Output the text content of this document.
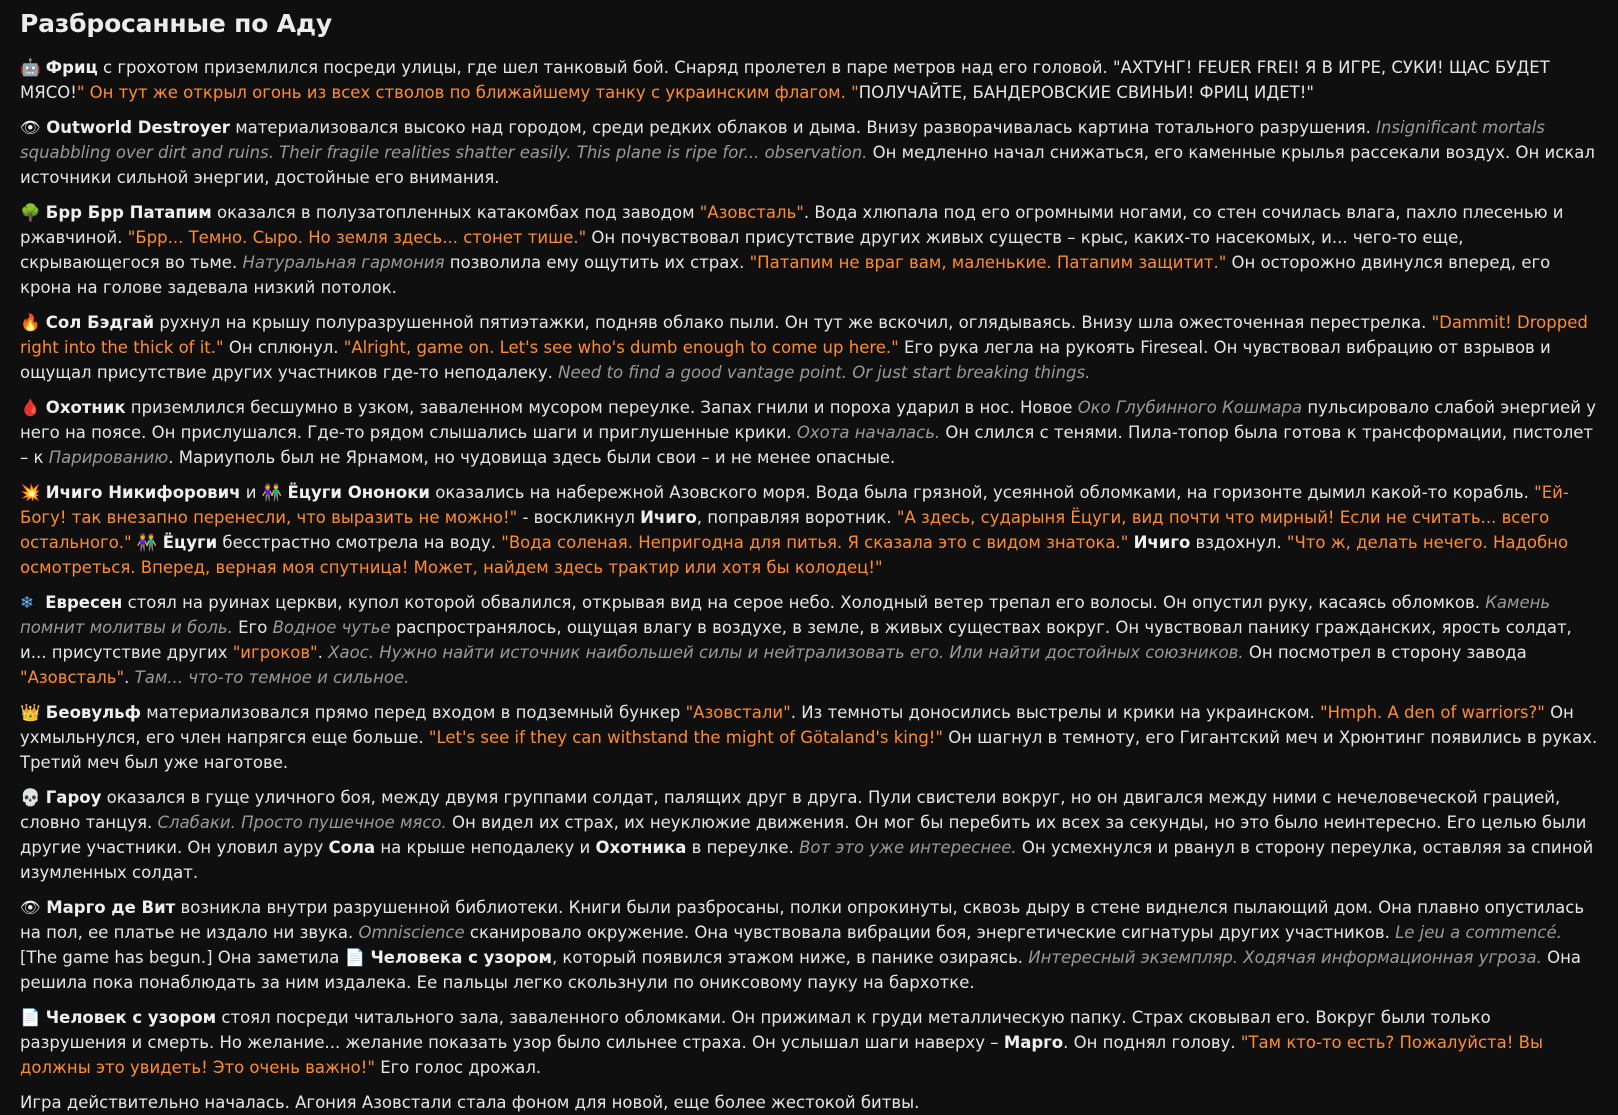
Разбросанные по Аду

🤖 Фриц с грохотом приземлился посреди улицы, где шел танковый бой. Снаряд пролетел в паре метров над его головой. "АХТУНГ! FEUER FREI! Я В ИГРЕ, СУКИ! ЩАС БУДЕТ МЯСО!" Он тут же открыл огонь из всех стволов по ближайшему танку с украинским флагом. "ПОЛУЧАЙТЕ, БАНДЕРОВСКИЕ СВИНЬИ! ФРИЦ ИДЕТ!"

👁 Outworld Destroyer материализовался высоко над городом, среди редких облаков и дыма. Внизу разворачивалась картина тотального разрушения. Insignificant mortals squabbling over dirt and ruins. Their fragile realities shatter easily. This plane is ripe for... observation. Он медленно начал снижаться, его каменные крылья рассекали воздух. Он искал источники сильной энергии, достойные его внимания.

🌳 Брр Брр Патапим оказался в полузатопленных катакомбах под заводом "Азовсталь". Вода хлюпала под его огромными ногами, со стен сочилась влага, пахло плесенью и ржавчиной. "Брр... Темно. Сыро. Но земля здесь... стонет тише." Он почувствовал присутствие других живых существ – крыс, каких-то насекомых, и... чего-то еще, скрывающегося во тьме. Натуральная гармония позволила ему ощутить их страх. "Патапим не враг вам, маленькие. Патапим защитит." Он осторожно двинулся вперед, его крона на голове задевала низкий потолок.

🔥 Сол Бэдгай рухнул на крышу полуразрушенной пятиэтажки, подняв облако пыли. Он тут же вскочил, оглядываясь. Внизу шла ожесточенная перестрелка. "Dammit! Dropped right into the thick of it." Он сплюнул. "Alright, game on. Let's see who's dumb enough to come up here." Его рука легла на рукоять Fireseal. Он чувствовал вибрацию от взрывов и ощущал присутствие других участников где-то неподалеку. Need to find a good vantage point. Or just start breaking things.

🩸 Охотник приземлился бесшумно в узком, заваленном мусором переулке. Запах гнили и пороха ударил в нос. Новое Око Глубинного Кошмара пульсировало слабой энергией у него на поясе. Он прислушался. Где-то рядом слышались шаги и приглушенные крики. Охота началась. Он слился с тенями. Пила-топор была готова к трансформации, пистолет – к Парированию. Мариуполь был не Ярнамом, но чудовища здесь были свои – и не менее опасные.

💥 Ичиго Никифорович и 👫 Ёцуги Ононоки оказались на набережной Азовского моря. Вода была грязной, усеянной обломками, на горизонте дымил какой-то корабль. "Ей-Богу! так внезапно перенесли, что выразить не можно!" - воскликнул Ичиго, поправляя воротник. "А здесь, сударыня Ёцуги, вид почти что мирный! Если не считать... всего остального." 👫 Ёцуги бесстрастно смотрела на воду. "Вода соленая. Непригодна для питья. Я сказала это с видом знатока." Ичиго вздохнул. "Что ж, делать нечего. Надобно осмотреться. Вперед, верная моя спутница! Может, найдем здесь трактир или хотя бы колодец!"

❄ Евресен стоял на руинах церкви, купол которой обвалился, открывая вид на серое небо. Холодный ветер трепал его волосы. Он опустил руку, касаясь обломков. Камень помнит молитвы и боль. Его Водное чутье распространялось, ощущая влагу в воздухе, в земле, в живых существах вокруг. Он чувствовал панику гражданских, ярость солдат, и... присутствие других "игроков". Хаос. Нужно найти источник наибольшей силы и нейтрализовать его. Или найти достойных союзников. Он посмотрел в сторону завода "Азовсталь". Там... что-то темное и сильное.

👑 Беовульф материализовался прямо перед входом в подземный бункер "Азовстали". Из темноты доносились выстрелы и крики на украинском. "Hmph. A den of warriors?" Он ухмыльнулся, его член напрягся еще больше. "Let's see if they can withstand the might of Götaland's king!" Он шагнул в темноту, его Гигантский меч и Хрюнтинг появились в руках. Третий меч был уже наготове.

💀 Гароу оказался в гуще уличного боя, между двумя группами солдат, палящих друг в друга. Пули свистели вокруг, но он двигался между ними с нечеловеческой грацией, словно танцуя. Слабаки. Просто пушечное мясо. Он видел их страх, их неуклюжие движения. Он мог бы перебить их всех за секунды, но это было неинтересно. Его целью были другие участники. Он уловил ауру Сола на крыше неподалеку и Охотника в переулке. Вот это уже интереснее. Он усмехнулся и рванул в сторону переулка, оставляя за спиной изумленных солдат.

👁 Марго де Вит возникла внутри разрушенной библиотеки. Книги были разбросаны, полки опрокинуты, сквозь дыру в стене виднелся пылающий дом. Она плавно опустилась на пол, ее платье не издало ни звука. Omniscience сканировало окружение. Она чувствовала вибрации боя, энергетические сигнатуры других участников. Le jeu a commencé. [The game has begun.] Она заметила 📄 Человека с узором, который появился этажом ниже, в панике озираясь. Интересный экземпляр. Ходячая информационная угроза. Она решила пока понаблюдать за ним издалека. Ее пальцы легко скользнули по ониксовому пауку на бархотке.

📄 Человек с узором стоял посреди читального зала, заваленного обломками. Он прижимал к груди металлическую папку. Страх сковывал его. Вокруг были только разрушения и смерть. Но желание... желание показать узор было сильнее страха. Он услышал шаги наверху – Марго. Он поднял голову. "Там кто-то есть? Пожалуйста! Вы должны это увидеть! Это очень важно!" Его голос дрожал.

Игра действительно началась. Агония Азовстали стала фоном для новой, еще более жестокой битвы.
